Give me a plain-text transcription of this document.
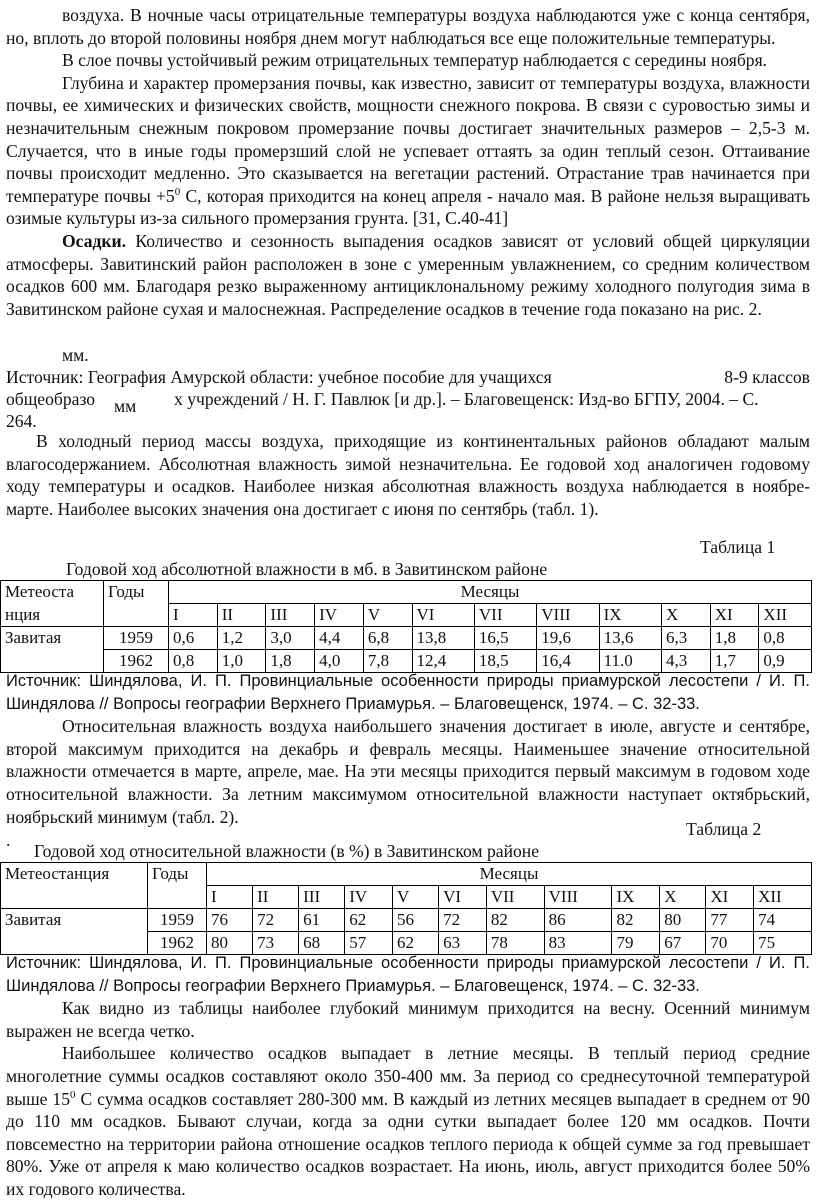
воздуха. В ночные часы отрицательные температуры воздуха наблюдаются уже с конца сентября, но, вплоть до второй половины ноября днем могут наблюдаться все еще положительные температуры.

В слое почвы устойчивый режим отрицательных температур наблюдается с середины ноября.

Глубина и характер промерзания почвы, как известно, зависит от температуры воздуха, влажности почвы, ее химических и физических свойств, мощности снежного покрова. В связи с суровостью зимы и незначительным снежным покровом промерзание почвы достигает значительных размеров – 2,5-3 м. Случается, что в иные годы промерзший слой не успевает оттаять за один теплый сезон. Оттаивание почвы происходит медленно. Это сказывается на вегетации растений. Отрастание трав начинается при температуре почвы $+5^0$ С, которая приходится на конец апреля - начало мая. В районе нельзя выращивать озимые культуры из-за сильного промерзания грунта. [31, С.40-41]

Осадки. Количество и сезонность выпадения осадков зависят от условий общей циркуляции атмосферы. Завитинский район расположен в зоне с умеренным увлажнением, со средним количеством осадков 600 мм. Благодаря резко выраженному антициклональному режиму холодного полугодия зима в Завитинском районе сухая и малоснежная. Распределение осадков в течение года показано на рис. 2.

мм.
Источник: География Амурской области: учебное пособие для учащихся	8-9 классов
общеобразо	х учреждений / Н. Г. Павлюк [и др.]. – Благовещенск: Изд-во БГПУ, 2004. – С.
мм
264.

В холодный период массы воздуха, приходящие из континентальных районов обладают малым влагосодержанием. Абсолютная влажность зимой незначительна. Ее годовой ход аналогичен годовому ходу температуры и осадков. Наиболее низкая абсолютная влажность воздуха наблюдается в ноябре-марте. Наиболее высоких значения она достигает с июня по сентябрь (табл. 1).

Таблица 1
Годовой ход абсолютной влажности в мб. в Завитинском районе
Метеоста	Годы	Месяцы											
нция		I	II	III	IV	V	VI	VII	VIII	IX	X	XI	XII
Завитая	1959	0,6	1,2	3,0	4,4	6,8	13,8	16,5	19,6	13,6	6,3	1,8	0,8
	1962	0,8	1,0	1,8	4,0	7,8	12,4	18,5	16,4	11.0	4,3	1,7	0,9

Источник: Шиндялова, И. П. Провинциальные особенности природы приамурской лесостепи / И. П. Шиндялова // Вопросы географии Верхнего Приамурья. – Благовещенск, 1974. – С. 32-33.

Относительная влажность воздуха наибольшего значения достигает в июле, августе и сентябре, второй максимум приходится на декабрь и февраль месяцы. Наименьшее значение относительной влажности отмечается в марте, апреле, мае. На эти месяцы приходится первый максимум в годовом ходе относительной влажности. За летним максимумом относительной влажности наступает октябрьский, ноябрьский минимум (табл. 2).

.
Таблица 2
Годовой ход относительной влажности (в %) в Завитинском районе
Метеостанция	Годы	Месяцы											
		I	II	III	IV	V	VI	VII	VIII	IX	X	XI	XII
Завитая	1959	76	72	61	62	56	72	82	86	82	80	77	74
	1962	80	73	68	57	62	63	78	83	79	67	70	75

Источник: Шиндялова, И. П. Провинциальные особенности природы приамурской лесостепи / И. П. Шиндялова // Вопросы географии Верхнего Приамурья. – Благовещенск, 1974. – С. 32-33.

Как видно из таблицы наиболее глубокий минимум приходится на весну. Осенний минимум выражен не всегда четко.

Наибольшее количество осадков выпадает в летние месяцы. В теплый период средние многолетние суммы осадков составляют около 350-400 мм. За период со среднесуточной температурой выше $15^0$ С сумма осадков составляет 280-300 мм. В каждый из летних месяцев выпадает в среднем от 90 до 110 мм осадков. Бывают случаи, когда за одни сутки выпадает более 120 мм осадков. Почти повсеместно на территории района отношение осадков теплого периода к общей сумме за год превышает 80%. Уже от апреля к маю количество осадков возрастает. На июнь, июль, август приходится более 50% их годового количества.
